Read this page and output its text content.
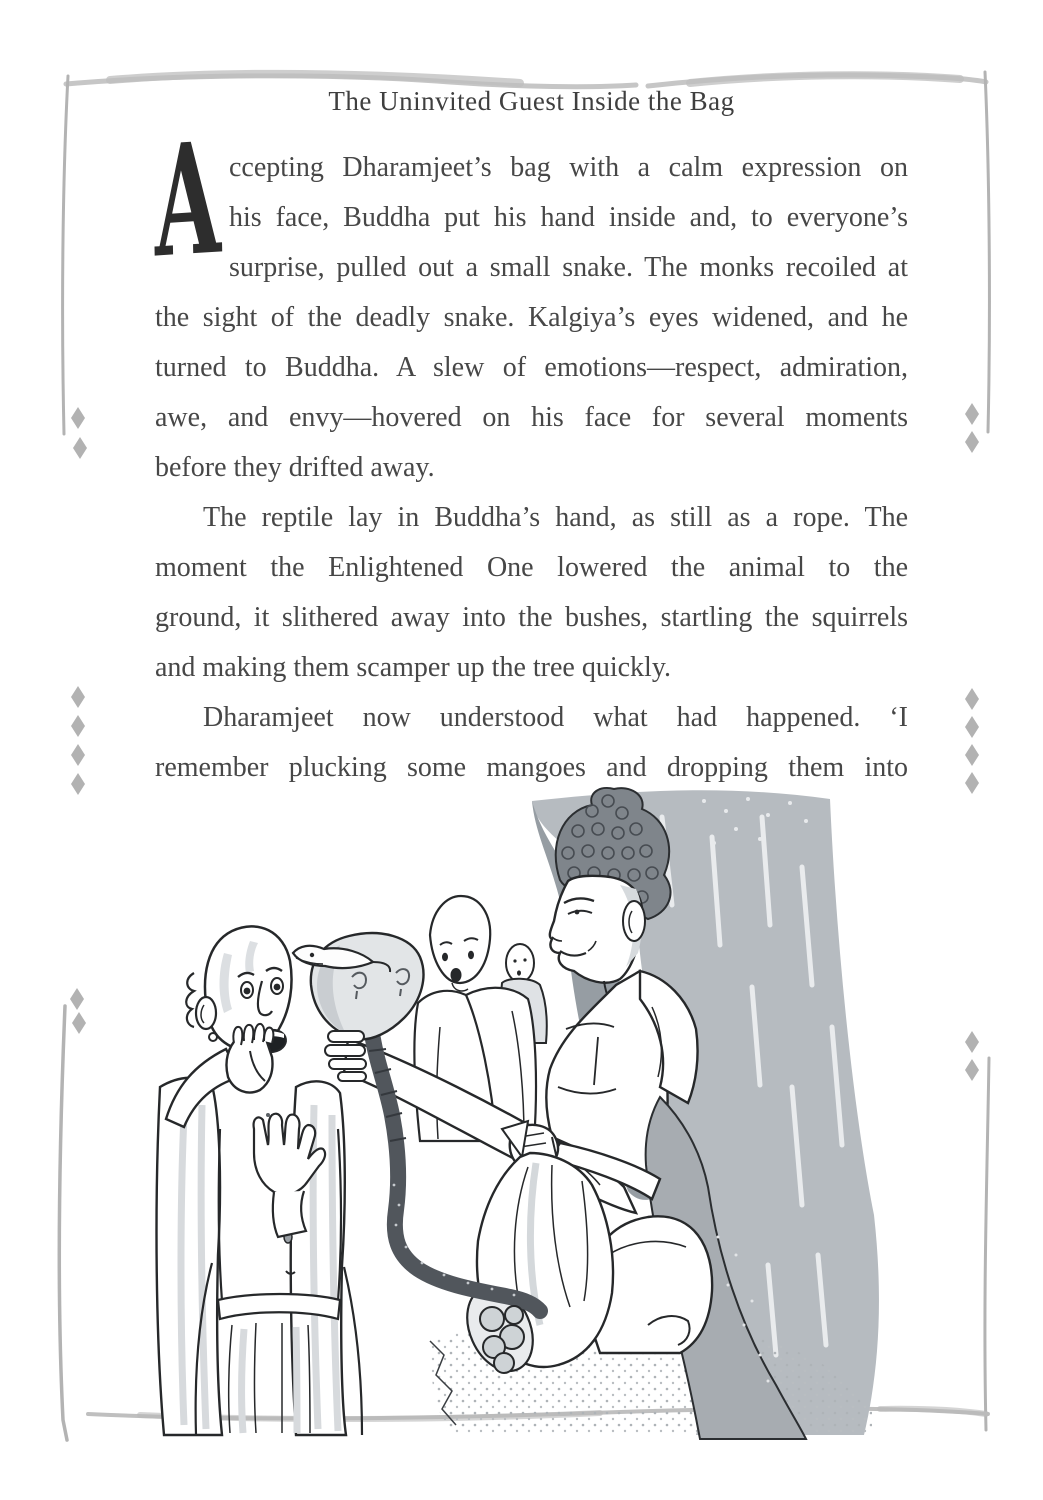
The Uninvited Guest Inside the Bag
A ccepting Dharamjeet’s bag with a calm expression on
his face, Buddha put his hand inside and, to everyone’s
surprise, pulled out a small snake. The monks recoiled at
the sight of the deadly snake. Kalgiya’s eyes widened, and he
turned to Buddha. A slew of emotions—respect, admiration,
awe, and envy—hovered on his face for several moments
before they drifted away.
The reptile lay in Buddha’s hand, as still as a rope. The
moment the Enlightened One lowered the animal to the
ground, it slithered away into the bushes, startling the squirrels
and making them scamper up the tree quickly.
Dharamjeet now understood what had happened. ‘I
remember plucking some mangoes and dropping them into
